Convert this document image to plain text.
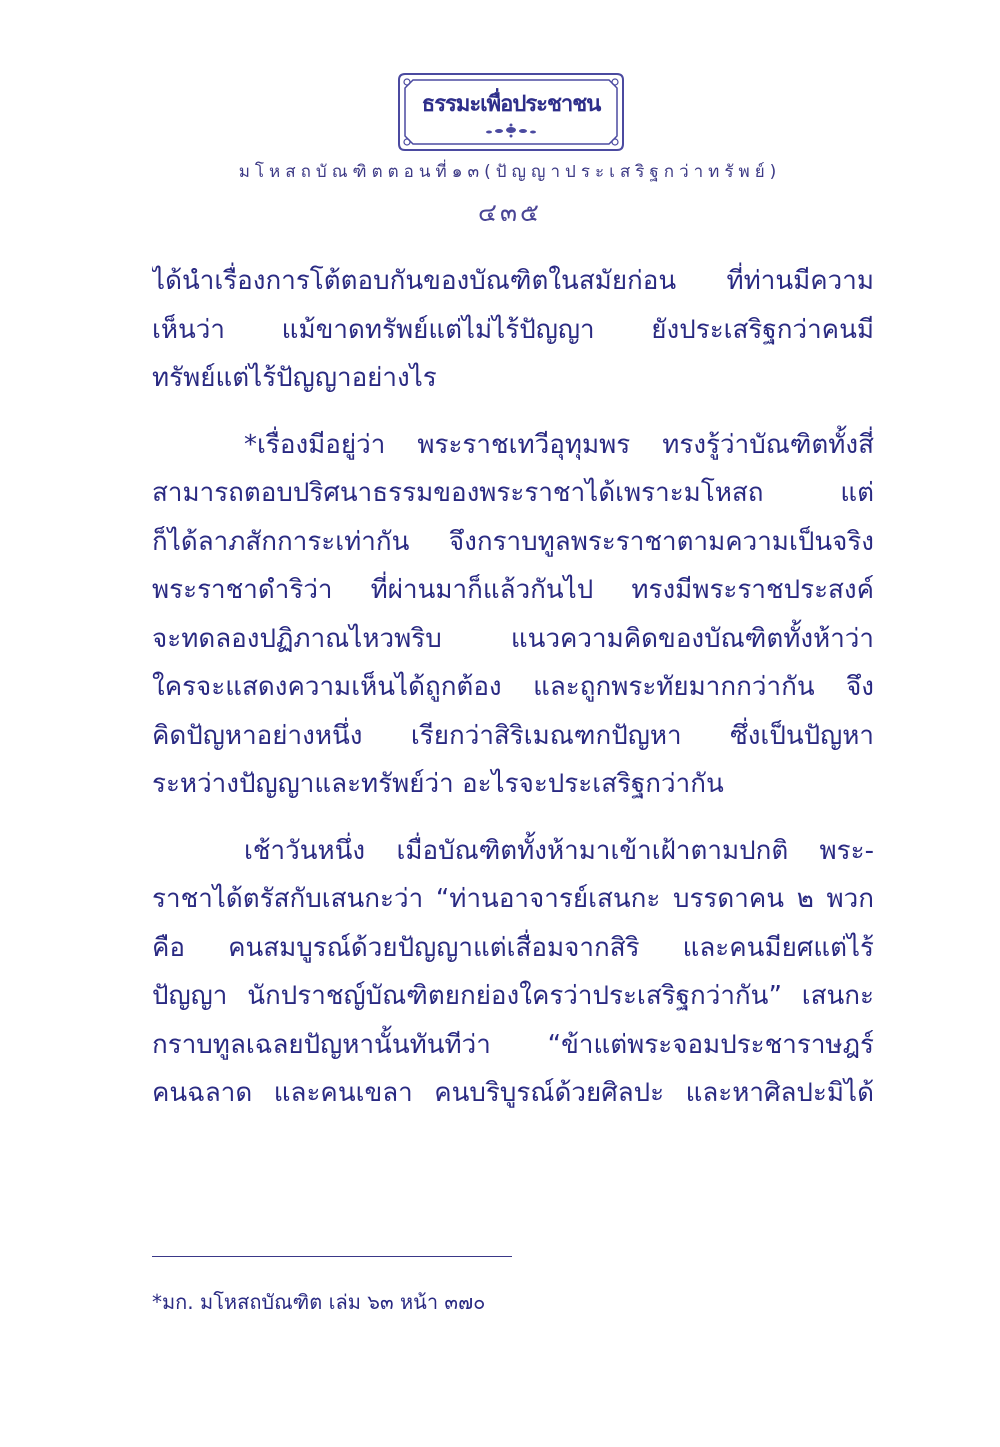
ธรรมะเพื่อประชาชน
มโหสถบัณฑิตตอนที่๑๓(ปัญญาประเสริฐกว่าทรัพย์)
๔๓๕
ได้นำเรื่องการโต้ตอบกันของบัณฑิตในสมัยก่อน ที่ท่านมีความ
เห็นว่า แม้ขาดทรัพย์แต่ไม่ไร้ปัญญา ยังประเสริฐกว่าคนมี
ทรัพย์แต่ไร้ปัญญาอย่างไร
*เรื่องมีอยู่ว่า พระราชเทวีอุทุมพร ทรงรู้ว่าบัณฑิตทั้งสี่
สามารถตอบปริศนาธรรมของพระราชาได้เพราะมโหสถ แต่
ก็ได้ลาภสักการะเท่ากัน จึงกราบทูลพระราชาตามความเป็นจริง
พระราชาดำริว่า ที่ผ่านมาก็แล้วกันไป ทรงมีพระราชประสงค์
จะทดลองปฏิภาณไหวพริบ แนวความคิดของบัณฑิตทั้งห้าว่า
ใครจะแสดงความเห็นได้ถูกต้อง และถูกพระทัยมากกว่ากัน จึง
คิดปัญหาอย่างหนึ่ง เรียกว่าสิริเมณฑกปัญหา ซึ่งเป็นปัญหา
ระหว่างปัญญาและทรัพย์ว่า อะไรจะประเสริฐกว่ากัน
เช้าวันหนึ่ง เมื่อบัณฑิตทั้งห้ามาเข้าเฝ้าตามปกติ พระ-
ราชาได้ตรัสกับเสนกะว่า “ท่านอาจารย์เสนกะ บรรดาคน ๒ พวก
คือ คนสมบูรณ์ด้วยปัญญาแต่เสื่อมจากสิริ และคนมียศแต่ไร้
ปัญญา นักปราชญ์บัณฑิตยกย่องใครว่าประเสริฐกว่ากัน” เสนกะ
กราบทูลเฉลยปัญหานั้นทันทีว่า “ข้าแต่พระจอมประชาราษฎร์
คนฉลาด และคนเขลา คนบริบูรณ์ด้วยศิลปะ และหาศิลปะมิได้
*มก. มโหสถบัณฑิต เล่ม ๖๓ หน้า ๓๗๐
